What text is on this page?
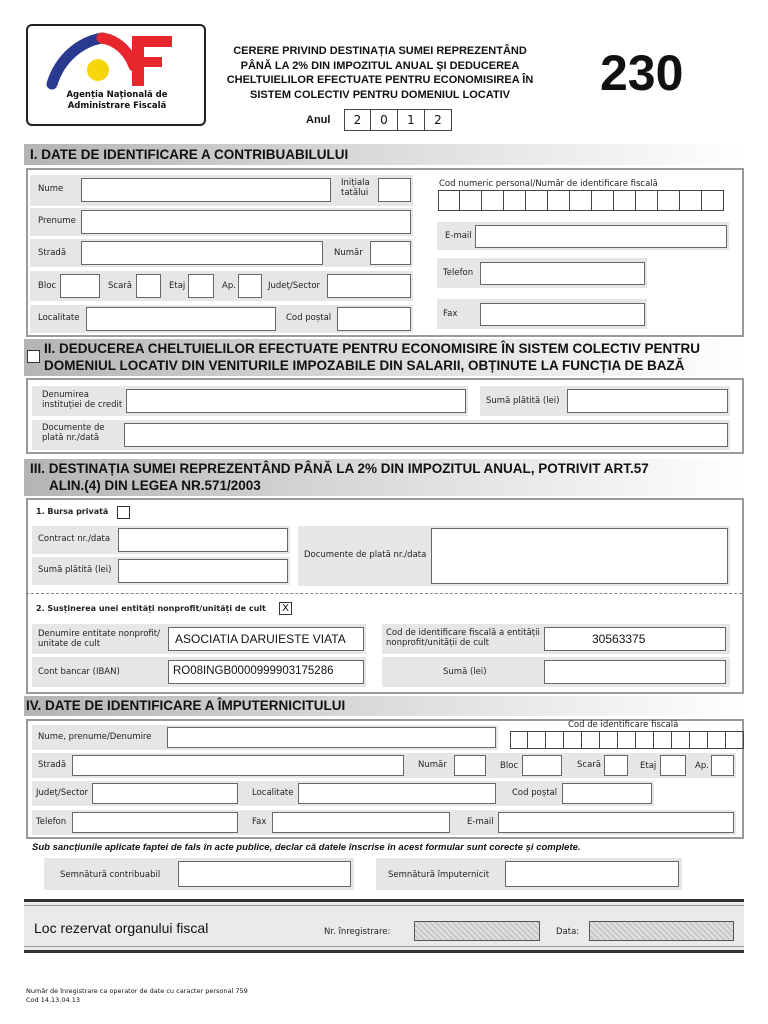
Agenția Națională de Administrare Fiscală
CERERE PRIVIND DESTINAȚIA SUMEI REPREZENTÂND
PÂNĂ LA 2% DIN IMPOZITUL ANUAL ȘI DEDUCEREA
CHELTUIELILOR EFECTUATE PENTRU ECONOMISIREA ÎN
SISTEM COLECTIV PENTRU DOMENIUL LOCATIV	230
Anul	2	0	1	2
I. DATE DE IDENTIFICARE A CONTRIBUABILULUI
Nume
Inițiala tatălui
Prenume
Stradă	Număr
Bloc	Scară	Etaj	Ap.	Județ/Sector
Localitate	Cod poștal
Cod numeric personal/Număr de identificare fiscală
E-mail
Telefon
Fax
II. DEDUCEREA CHELTUIELILOR EFECTUATE PENTRU ECONOMISIRE ÎN SISTEM COLECTIV PENTRU
DOMENIUL LOCATIV DIN VENITURILE IMPOZABILE DIN SALARII, OBȚINUTE LA FUNCȚIA DE BAZĂ
Denumirea instituției de credit	Sumă plătită (lei)
Documente de plată nr./dată
III. DESTINAȚIA SUMEI REPREZENTÂND PÂNĂ LA 2% DIN IMPOZITUL ANUAL, POTRIVIT ART.57
ALIN.(4) DIN LEGEA NR.571/2003
1. Bursa privată
Contract nr./data
Sumă plătită (lei)
Documente de plată nr./data
2. Susținerea unei entități nonprofit/unități de cult	X
Denumire entitate nonprofit/ unitate de cult	ASOCIATIA DARUIESTE VIATA	Cod de identificare fiscală a entității nonprofit/unității de cult	30563375
Cont bancar (IBAN)	RO08INGB0000999903175286	Sumă (lei)
IV. DATE DE IDENTIFICARE A ÎMPUTERNICITULUI
Cod de identificare fiscală
Nume, prenume/Denumire
Stradă	Număr	Bloc	Scară	Etaj	Ap.
Județ/Sector	Localitate	Cod poștal
Telefon	Fax	E-mail
Sub sancțiunile aplicate faptei de fals în acte publice, declar că datele înscrise în acest formular sunt corecte și complete.
Semnătură contribuabil	Semnătură împuternicit
Loc rezervat organului fiscal	Nr. înregistrare:	Data:
Număr de înregistrare ca operator de date cu caracter personal 759
Cod 14.13.04.13
